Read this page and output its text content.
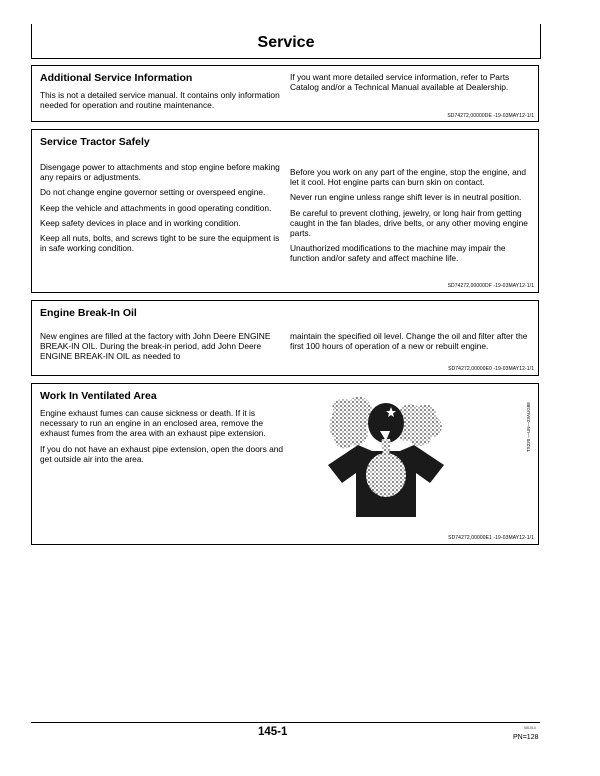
Service
Additional Service Information

This is not a detailed service manual. It contains only information needed for operation and routine maintenance.

If you want more detailed service information, refer to Parts Catalog and/or a Technical Manual available at Dealership.

SD74272,00000DE -19-03MAY12-1/1
Service Tractor Safely

Disengage power to attachments and stop engine before making any repairs or adjustments.

Do not change engine governor setting or overspeed engine.

Keep the vehicle and attachments in good operating condition.

Keep safety devices in place and in working condition.

Keep all nuts, bolts, and screws tight to be sure the equipment is in safe working condition.

Before you work on any part of the engine, stop the engine, and let it cool. Hot engine parts can burn skin on contact.

Never run engine unless range shift lever is in neutral position.

Be careful to prevent clothing, jewelry, or long hair from getting caught in the fan blades, drive belts, or any other moving engine parts.

Unauthorized modifications to the machine may impair the function and/or safety and affect machine life.

SD74272,00000DF -19-03MAY12-1/1
Engine Break-In Oil

New engines are filled at the factory with John Deere ENGINE BREAK-IN OIL. During the break-in period, add John Deere ENGINE BREAK-IN OIL as needed to

maintain the specified oil level. Change the oil and filter after the first 100 hours of operation of a new or rebuilt engine.

SD74272,00000E0 -19-03MAY12-1/1
Work In Ventilated Area

Engine exhaust fumes can cause sickness or death. If it is necessary to run an engine in an enclosed area, remove the exhaust fumes from the area with an exhaust pipe extension.

If you do not have an exhaust pipe extension, open the doors and get outside air into the area.

TS220 —UN—23AUG88
SD74272,00000E1 -19-03MAY12-1/1
145-1	081014
PN=128
